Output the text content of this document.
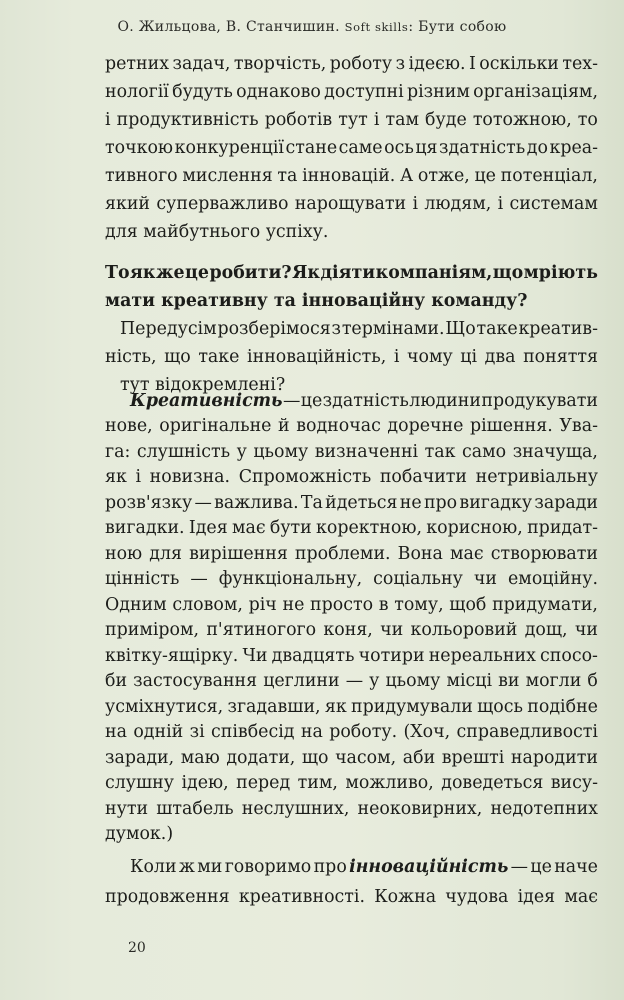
О. Жильцова, В. Станчишин. Soft skills: Бути собою
ретних задач, творчість, роботу з ідеєю. І оскільки тех-
нології будуть однаково доступні різним організаціям,
і продуктивність роботів тут і там буде тотожною, то
точкою конкуренції стане саме ось ця здатність до креа-
тивного мислення та інновацій. А отже, це потенціал,
який суперважливо нарощувати і людям, і системам
для майбутнього успіху.
То як же це робити? Як діяти компаніям, що мріють
мати креативну та інноваційну команду?
Передусім розберімося з термінами. Що таке креатив-
ність, що таке інноваційність, і чому ці два поняття
тут відокремлені?
Креативність — це здатність людини продукувати
нове, оригінальне й водночас доречне рішення. Ува-
га: слушність у цьому визначенні так само значуща,
як і новизна. Спроможність побачити нетривіальну
розв'язку — важлива. Та йдеться не про вигадку заради
вигадки. Ідея має бути коректною, корисною, придат-
ною для вирішення проблеми. Вона має створювати
цінність — функціональну, соціальну чи емоційну.
Одним словом, річ не просто в тому, щоб придумати,
приміром, п'ятиногого коня, чи кольоровий дощ, чи
квітку-ящірку. Чи двадцять чотири нереальних спосо-
би застосування цеглини — у цьому місці ви могли б
усміхнутися, згадавши, як придумували щось подібне
на одній зі співбесід на роботу. (Хоч, справедливості
заради, маю додати, що часом, аби врешті народити
слушну ідею, перед тим, можливо, доведеться вису-
нути штабель неслушних, неоковирних, недотепних
думок.)
Коли ж ми говоримо про інноваційність — це наче
продовження креативності. Кожна чудова ідея має
20
